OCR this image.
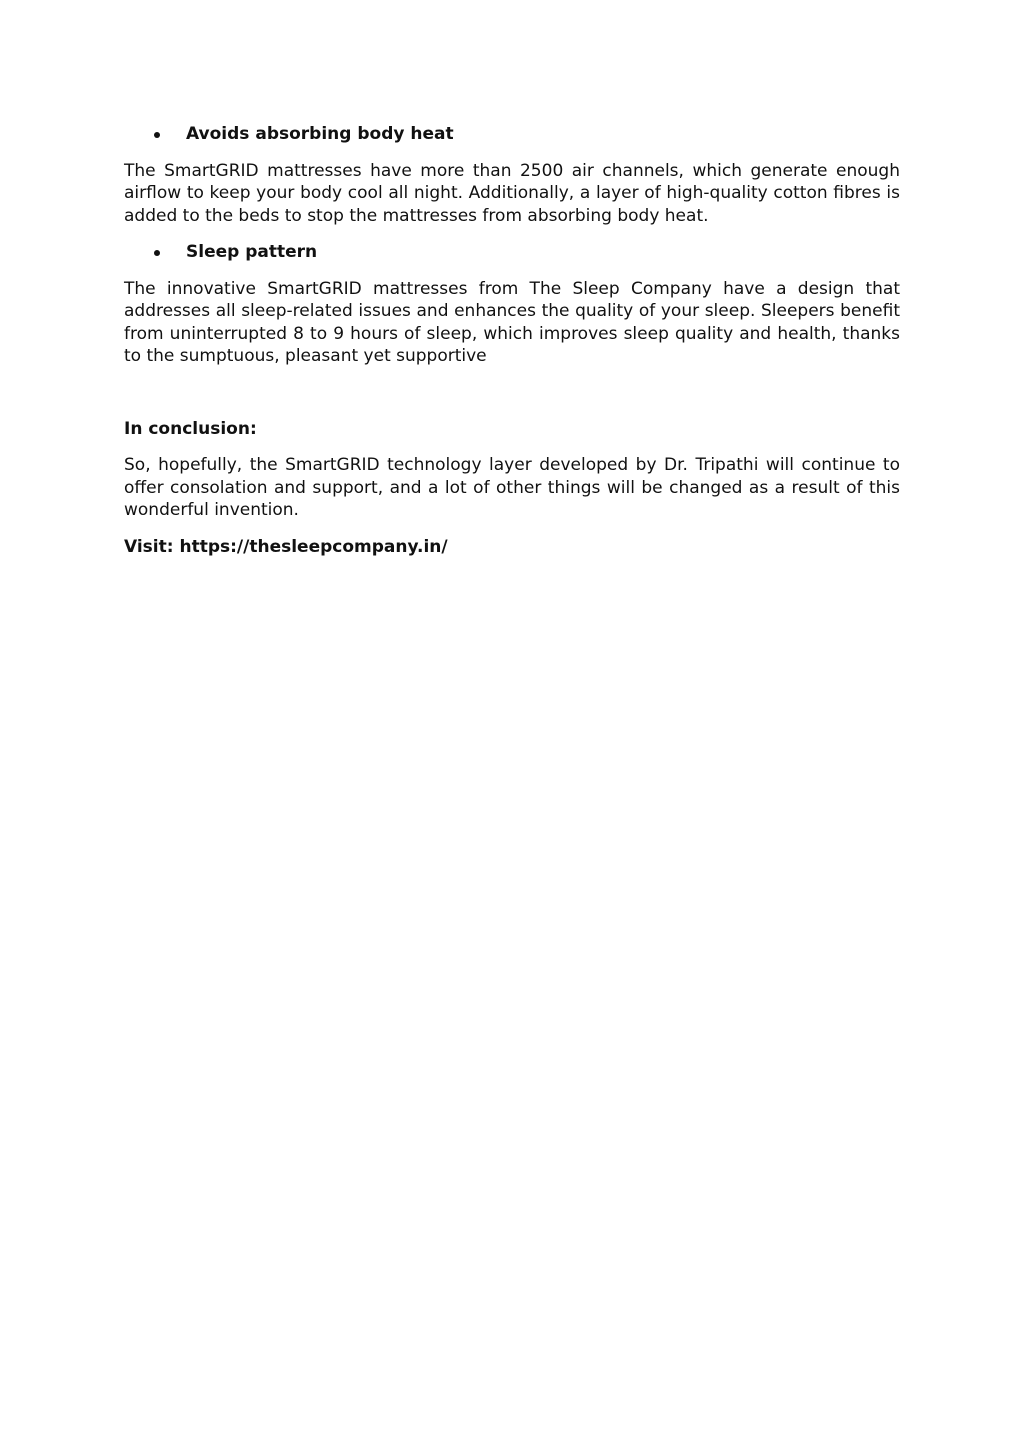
Avoids absorbing body heat

The SmartGRID mattresses have more than 2500 air channels, which generate enough airflow to keep your body cool all night. Additionally, a layer of high-quality cotton fibres is added to the beds to stop the mattresses from absorbing body heat.

Sleep pattern

The innovative SmartGRID mattresses from The Sleep Company have a design that addresses all sleep-related issues and enhances the quality of your sleep. Sleepers benefit from uninterrupted 8 to 9 hours of sleep, which improves sleep quality and health, thanks to the sumptuous, pleasant yet supportive

In conclusion:

So, hopefully, the SmartGRID technology layer developed by Dr. Tripathi will continue to offer consolation and support, and a lot of other things will be changed as a result of this wonderful invention.

Visit: https://thesleepcompany.in/
